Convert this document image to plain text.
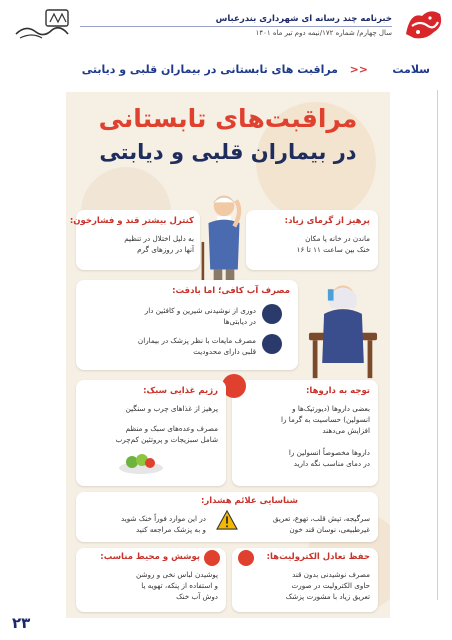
خبرنامه چند رسانه ای شهرداری بندرعباس
سال چهارم/ شماره ۱۷۲/نیمه دوم تیر ماه ۱۴۰۱
سلامت
>>
مراقبت های تابستانی در بیماران قلبی و دیابتی
مراقبت‌های تابستانی
در بیماران قلبی و دیابتی
پرهیز از گرمای زیاد:
ماندن در خانه یا مکان
خنک بین ساعت ۱۱ تا ۱۶
کنترل بیشتر قند و فشارخون:
به دلیل اختلال در تنظیم
آنها در روزهای گرم
مصرف آب کافی؛ اما بادقت:
دوری از نوشیدنی شیرین و کافئین دار
در دیابتی‌ها
مصرف مایعات با نظر پزشک در بیماران
قلبی دارای محدودیت
توجه به داروها:
بعضی داروها (دیورتیک‌ها و
انسولین) حساسیت به گرما را
افزایش می‌دهند
داروها مخصوصاً انسولین را
در دمای مناسب نگه دارید
رژیم غذایی سبک:
پرهیز از غذاهای چرب و سنگین
مصرف وعده‌های سبک و منظم
شامل سبزیجات و پروتئین کم‌چرب
شناسایی علائم هشدار:
سرگیجه، تپش قلب، تهوع، تعریق
غیرطبیعی، نوسان قند خون
در این موارد فوراً خنک شوید
و به پزشک مراجعه کنید
حفظ تعادل الکترولیت‌ها:
مصرف نوشیدنی بدون قند
حاوی الکترولیت در صورت
تعریق زیاد با مشورت پزشک
پوشش و محیط مناسب:
پوشیدن لباس نخی و روشن
و استفاده از پنکه، تهویه یا
دوش آب خنک
۲۳
